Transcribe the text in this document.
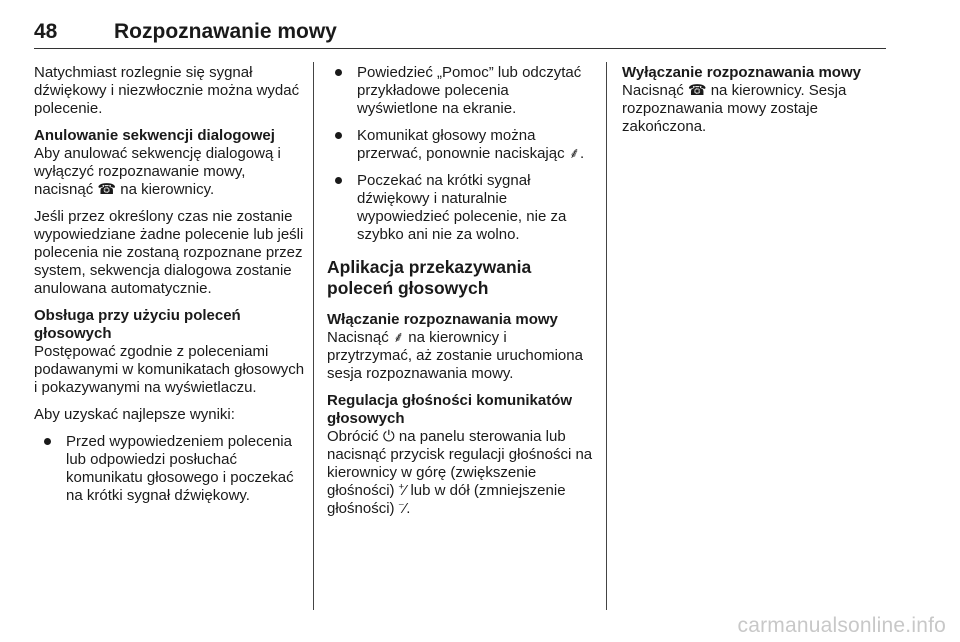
48	Rozpoznawanie mowy

Natychmiast rozlegnie się sygnał dźwiękowy i niezwłocznie można wydać polecenie.

Anulowanie sekwencji dialogowej

Aby anulować sekwencję dialogową i wyłączyć rozpoznawanie mowy, nacisnąć ☎ na kierownicy.

Jeśli przez określony czas nie zostanie wypowiedziane żadne polecenie lub jeśli polecenia nie zostaną rozpoznane przez system, sekwencja dialogowa zostanie anulowana automatycznie.

Obsługa przy użyciu poleceń głosowych

Postępować zgodnie z poleceniami podawanymi w komunikatach głosowych i pokazywanymi na wyświetlaczu.

Aby uzyskać najlepsze wyniki:

Przed wypowiedzeniem polecenia lub odpowiedzi posłuchać komunikatu głosowego i poczekać na krótki sygnał dźwiękowy.
Powiedzieć „Pomoc” lub odczytać przykładowe polecenia wyświetlone na ekranie.
Komunikat głosowy można przerwać, ponownie naciskając ⸙.
Poczekać na krótki sygnał dźwiękowy i naturalnie wypowiedzieć polecenie, nie za szybko ani nie za wolno.
Aplikacja przekazywania poleceń głosowych
Włączanie rozpoznawania mowy

Nacisnąć ⸙ na kierownicy i przytrzymać, aż zostanie uruchomiona sesja rozpoznawania mowy.

Regulacja głośności komunikatów głosowych

Obrócić ⏻ na panelu sterowania lub nacisnąć przycisk regulacji głośności na kierownicy w górę (zwiększenie głośności) ⁺⁄ lub w dół (zmniejszenie głośności) ⁻⁄.

Wyłączanie rozpoznawania mowy

Nacisnąć ☎ na kierownicy. Sesja rozpoznawania mowy zostaje zakończona.

carmanualsonline.info
